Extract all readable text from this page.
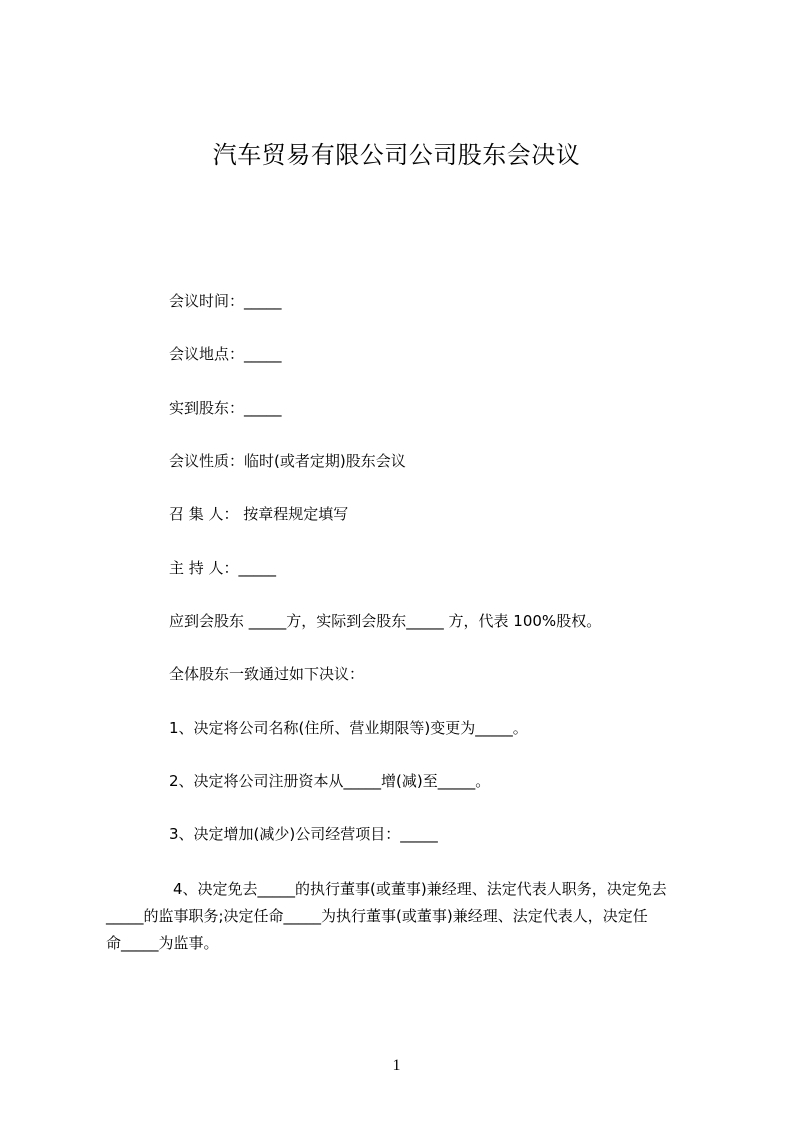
汽车贸易有限公司公司股东会决议
会议时间：_____
会议地点：_____
实到股东：_____
会议性质：临时(或者定期)股东会议
召 集 人： 按章程规定填写
主 持 人：_____
应到会股东 _____方，实际到会股东_____ 方，代表 100%股权。
全体股东一致通过如下决议：
1、决定将公司名称(住所、营业期限等)变更为_____。
2、决定将公司注册资本从_____增(减)至_____。
3、决定增加(减少)公司经营项目：_____
4、决定免去_____的执行董事(或董事)兼经理、法定代表人职务，决定免去
_____的监事职务;决定任命_____为执行董事(或董事)兼经理、法定代表人，决定任
命_____为监事。
1
